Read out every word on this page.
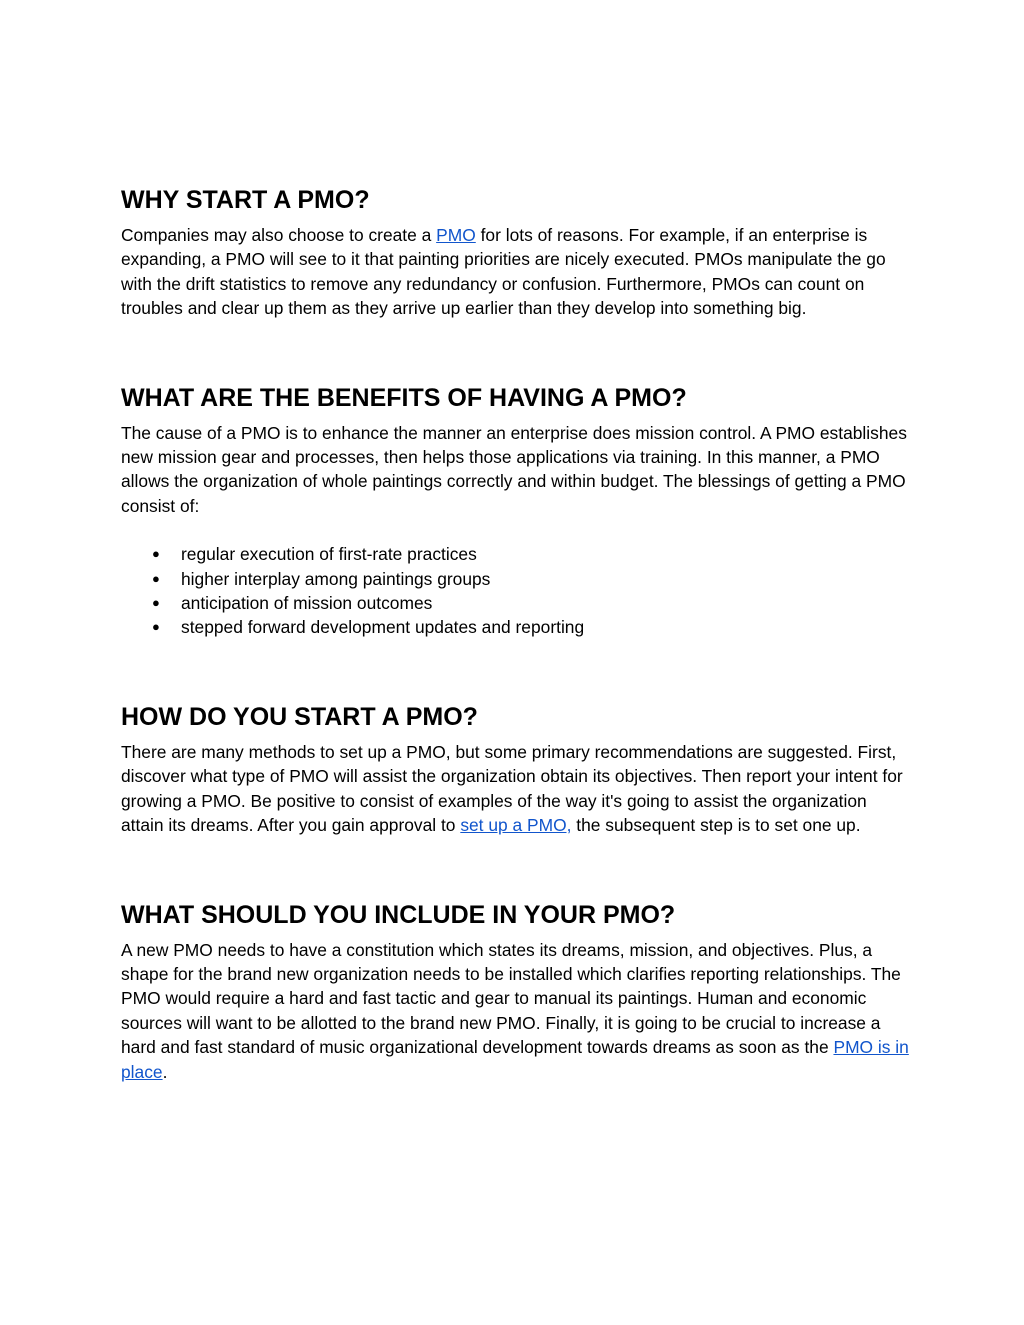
WHY START A PMO?

Companies may also choose to create a PMO for lots of reasons. For example, if an enterprise is expanding, a PMO will see to it that painting priorities are nicely executed. PMOs manipulate the go with the drift statistics to remove any redundancy or confusion. Furthermore, PMOs can count on troubles and clear up them as they arrive up earlier than they develop into something big.

WHAT ARE THE BENEFITS OF HAVING A PMO?

The cause of a PMO is to enhance the manner an enterprise does mission control. A PMO establishes new mission gear and processes, then helps those applications via training. In this manner, a PMO allows the organization of whole paintings correctly and within budget. The blessings of getting a PMO consist of:

● regular execution of first-rate practices
● higher interplay among paintings groups
● anticipation of mission outcomes
● stepped forward development updates and reporting
HOW DO YOU START A PMO?

There are many methods to set up a PMO, but some primary recommendations are suggested. First, discover what type of PMO will assist the organization obtain its objectives. Then report your intent for growing a PMO. Be positive to consist of examples of the way it's going to assist the organization attain its dreams. After you gain approval to set up a PMO, the subsequent step is to set one up.

WHAT SHOULD YOU INCLUDE IN YOUR PMO?

A new PMO needs to have a constitution which states its dreams, mission, and objectives. Plus, a shape for the brand new organization needs to be installed which clarifies reporting relationships. The PMO would require a hard and fast tactic and gear to manual its paintings. Human and economic sources will want to be allotted to the brand new PMO. Finally, it is going to be crucial to increase a hard and fast standard of music organizational development towards dreams as soon as the PMO is in place.
